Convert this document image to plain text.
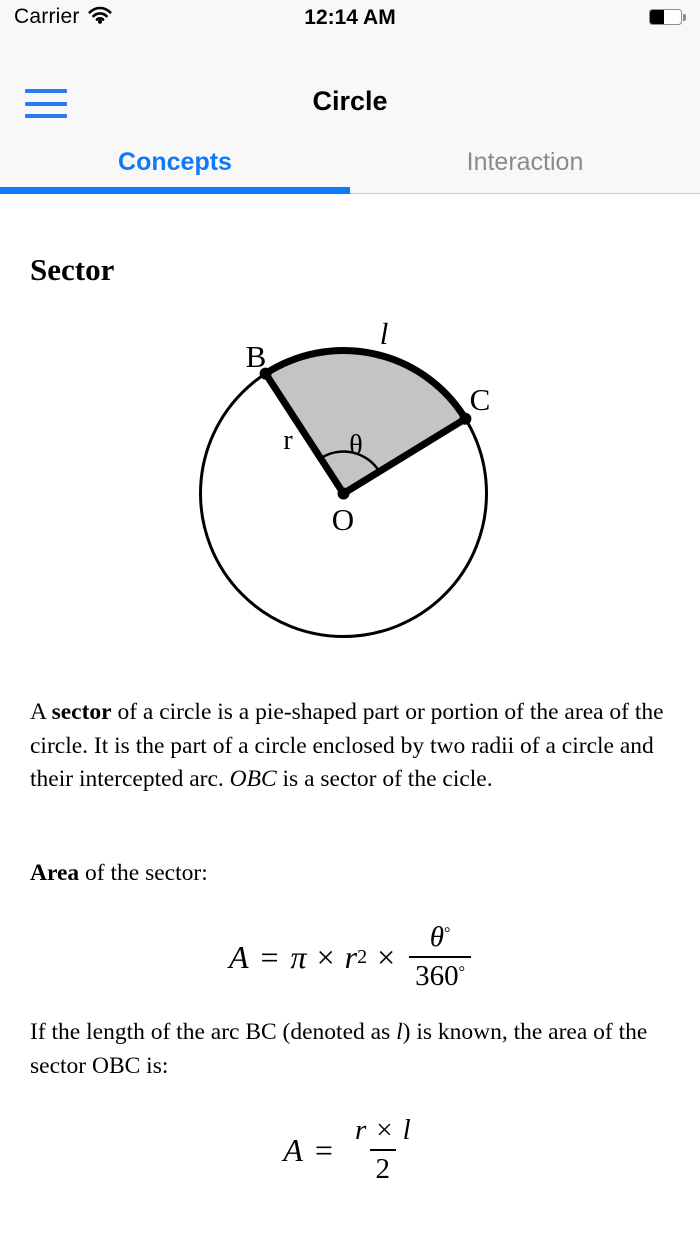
Carrier	12:14 AM
Circle
Concepts	Interaction
Sector
B
C
O
r θ
l
A sector of a circle is a pie-shaped part or portion of the area of the circle. It is the part of a circle enclosed by two radii of a circle and their intercepted arc. OBC is a sector of the cicle.
Area of the sector:
A = π × r $2 \times \frac{\theta^\circ}{360^\circ}$
If the length of the arc BC (denoted as l) is known, the area of the sector OBC is:
$A = \frac{r \times l}{2}$
